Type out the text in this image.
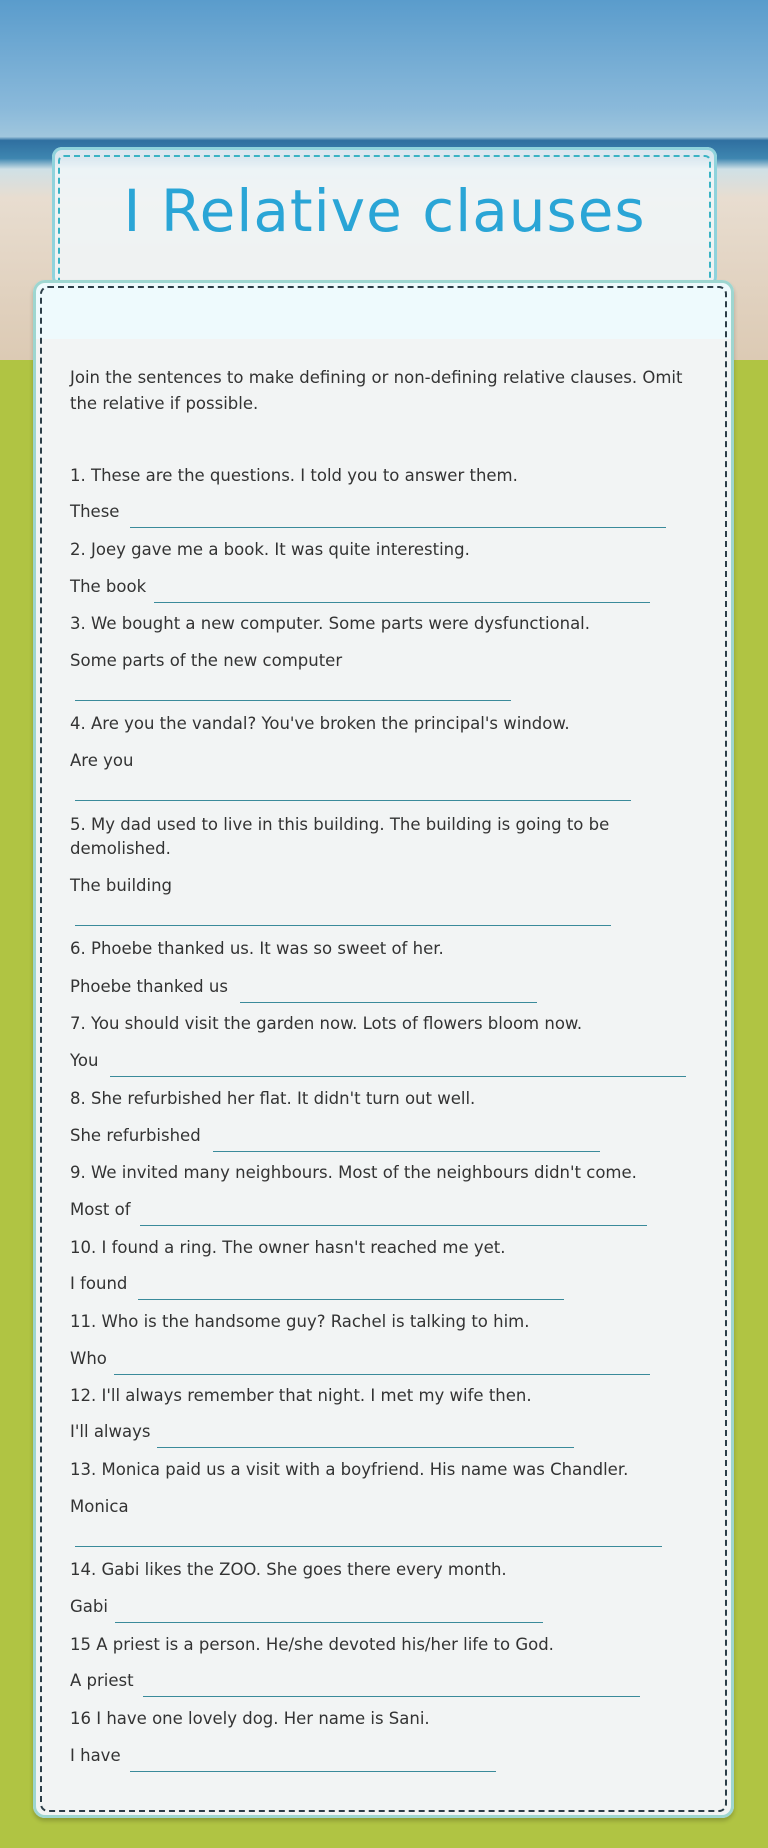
I Relative clauses
Join the sentences to make defining or non-defining relative clauses. Omit
the relative if possible.
1. These are the questions. I told you to answer them.
These
2. Joey gave me a book. It was quite interesting.
The book
3. We bought a new computer. Some parts were dysfunctional.
Some parts of the new computer
4. Are you the vandal? You've broken the principal's window.
Are you
5. My dad used to live in this building. The building is going to be
demolished.
The building
6. Phoebe thanked us. It was so sweet of her.
Phoebe thanked us
7. You should visit the garden now. Lots of flowers bloom now.
You
8. She refurbished her flat. It didn't turn out well.
She refurbished
9. We invited many neighbours. Most of the neighbours didn't come.
Most of
10. I found a ring. The owner hasn't reached me yet.
I found
11. Who is the handsome guy? Rachel is talking to him.
Who
12. I'll always remember that night. I met my wife then.
I'll always
13. Monica paid us a visit with a boyfriend. His name was Chandler.
Monica
14. Gabi likes the ZOO. She goes there every month.
Gabi
15 A priest is a person. He/she devoted his/her life to God.
A priest
16 I have one lovely dog. Her name is Sani.
I have
